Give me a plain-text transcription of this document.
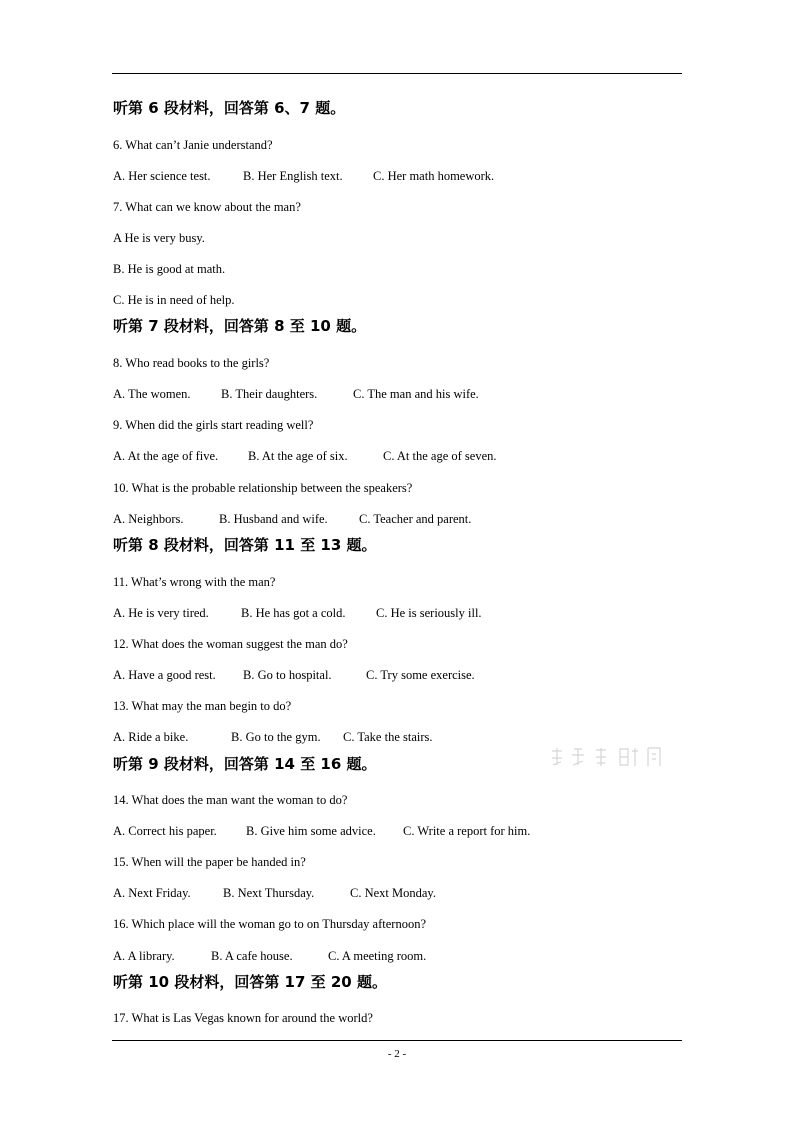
听第 6 段材料，回答第 6、7 题。
6. What can’t Janie understand?
A. Her science test.	B. Her English text. C. Her math homework.
7. What can we know about the man?
A He is very busy.
B. He is good at math.
C. He is in need of help.
听第 7 段材料，回答第 8 至 10 题。
8. Who read books to the girls?
A. The women. B. Their daughters.	C. The man and his wife.
9. When did the girls start reading well?
A. At the age of five. B. At the age of six.	C. At the age of seven.
10. What is the probable relationship between the speakers?
A. Neighbors.	B. Husband and wife.	C. Teacher and parent.
听第 8 段材料，回答第 11 至 13 题。
11. What’s wrong with the man?
A. He is very tired.	B. He has got a cold. C. He is seriously ill.
12. What does the woman suggest the man do?
A. Have a good rest. B. Go to hospital.	C. Try some exercise.
13. What may the man begin to do?
A. Ride a bike.	B. Go to the gym. C. Take the stairs.
听第 9 段材料，回答第 14 至 16 题。
14. What does the man want the woman to do?
A. Correct his paper. B. Give him some advice. C. Write a report for him.
15. When will the paper be handed in?
A. Next Friday.	B. Next Thursday.	C. Next Monday.
16. Which place will the woman go to on Thursday afternoon?
A. A library.	B. A cafe house.	C. A meeting room.
听第 10 段材料，回答第 17 至 20 题。
17. What is Las Vegas known for around the world?
- 2 -
